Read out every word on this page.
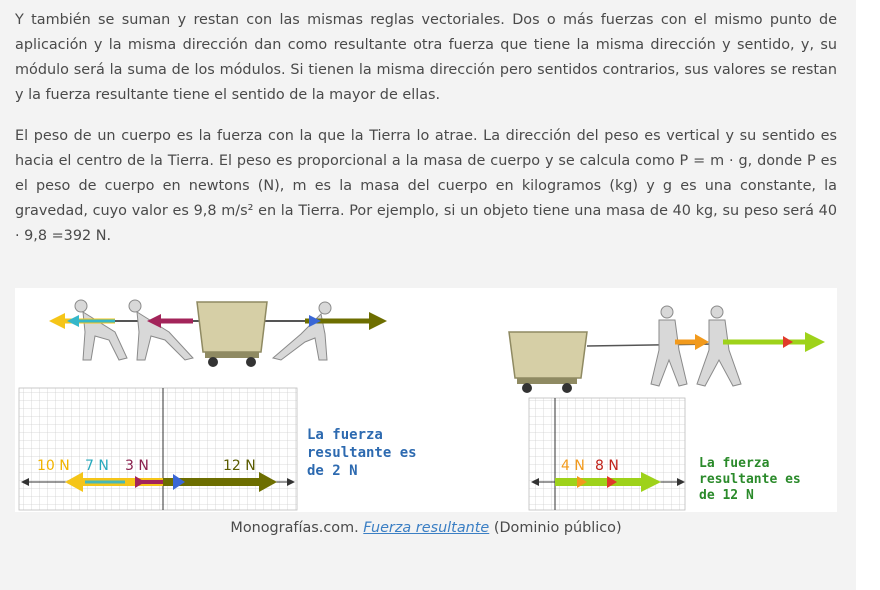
Y también se suman y restan con las mismas reglas vectoriales. Dos o más fuerzas con el mismo punto de aplicación y la misma dirección dan como resultante otra fuerza que tiene la misma dirección y sentido, y, su módulo será la suma de los módulos. Si tienen la misma dirección pero sentidos contrarios, sus valores se restan y la fuerza resultante tiene el sentido de la mayor de ellas.

El peso de un cuerpo es la fuerza con la que la Tierra lo atrae. La dirección del peso es vertical y su sentido es hacia el centro de la Tierra. El peso es proporcional a la masa de cuerpo y se calcula como P = m · g, donde P es el peso de cuerpo en newtons (N), m es la masa del cuerpo en kilogramos (kg) y g es una constante, la gravedad, cuyo valor es 9,8 m/s² en la Tierra. Por ejemplo, si un objeto tiene una masa de 40 kg, su peso será 40 · 9,8 =392 N.

10 N 7 N 3 N	12 N
La fuerza
resultante es
de 2 N	4 N 8 N	La fuerza
resultante es
de 12 N
Monografías.com. Fuerza resultante (Dominio público)
